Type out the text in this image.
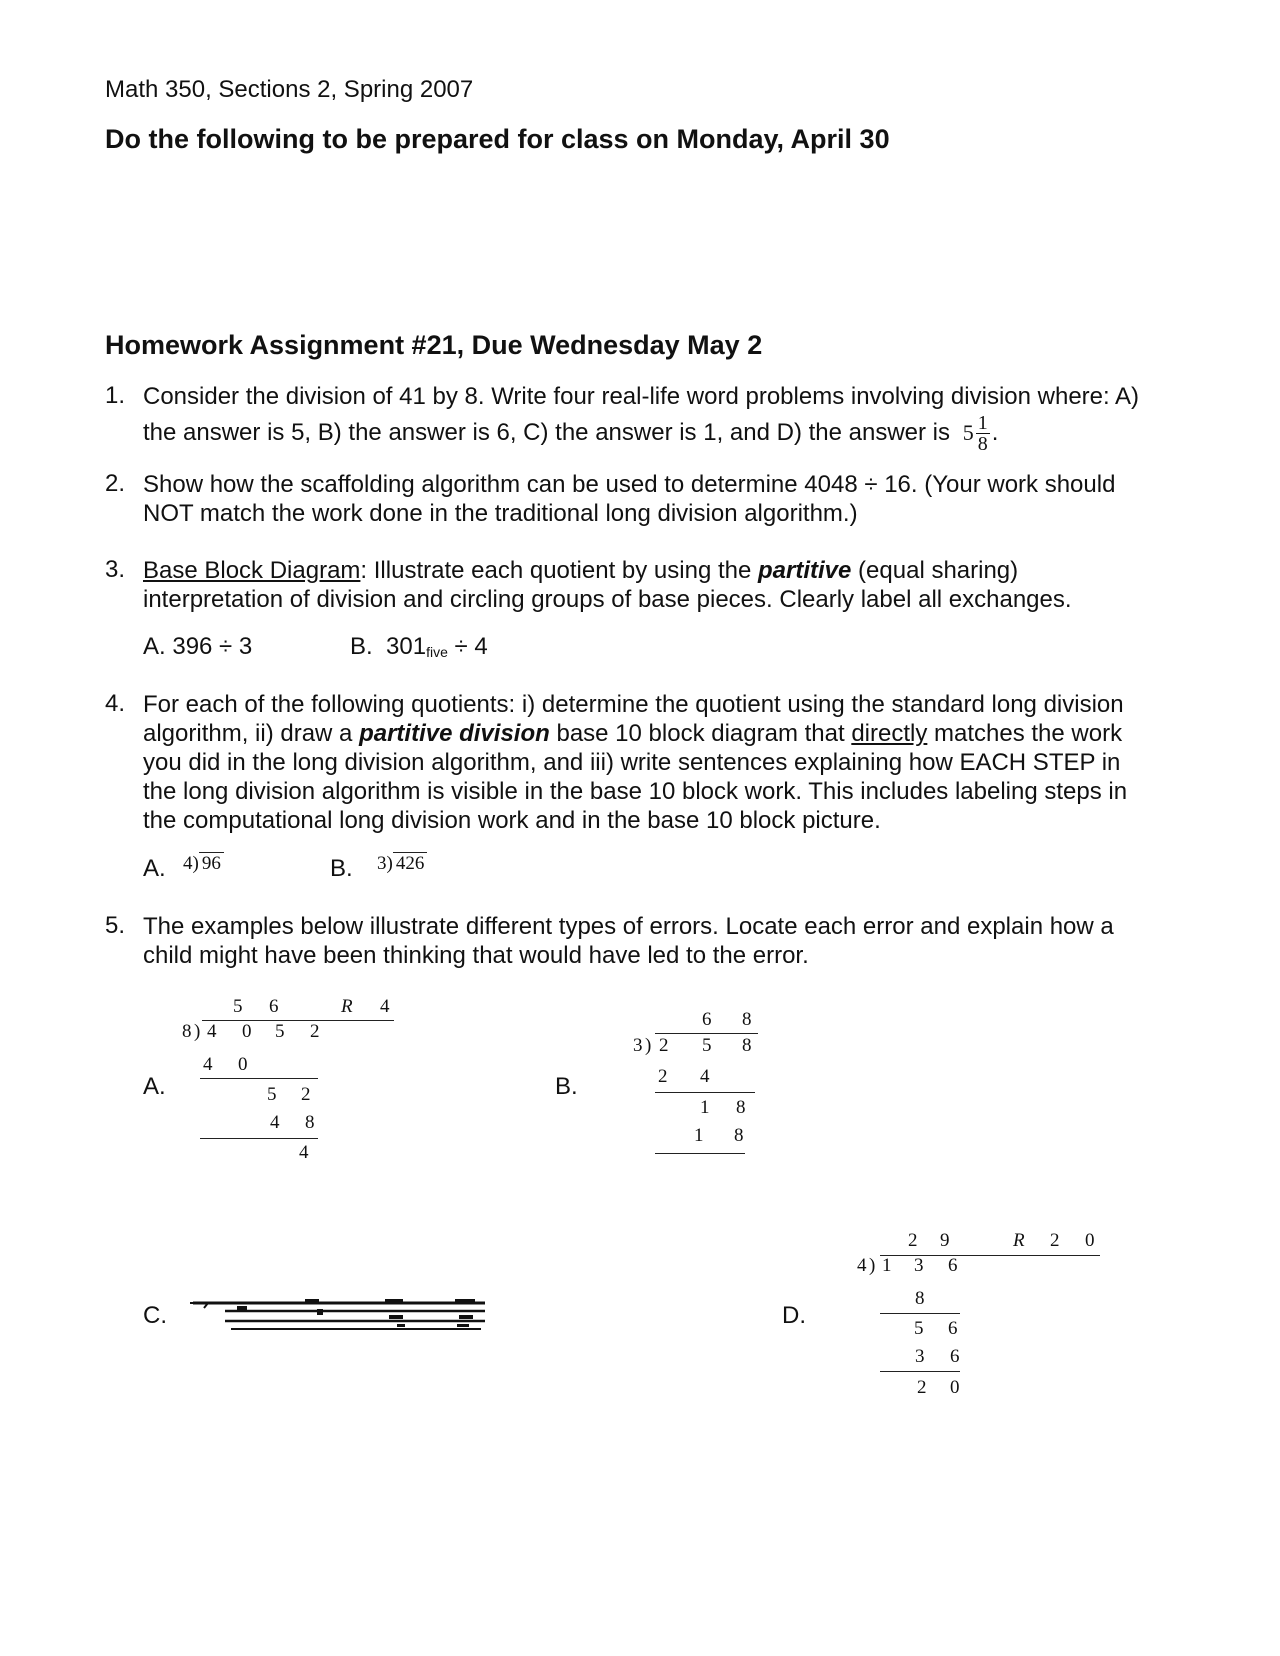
Math 350, Sections 2, Spring 2007
Do the following to be prepared for class on Monday, April 30
Homework Assignment #21, Due Wednesday May 2
1. Consider the division of 41 by 8. Write four real-life word problems involving division where: A)
the answer is 5, B) the answer is 6, C) the answer is 1, and D) the answer is $5 \frac{1}{8}$ .
2. Show how the scaffolding algorithm can be used to determine 4048 ÷ 16. (Your work should
NOT match the work done in the traditional long division algorithm.)
3. Base Block Diagram: Illustrate each quotient by using the partitive (equal sharing)
interpretation of division and circling groups of base pieces. Clearly label all exchanges.
A. 396 ÷ 3	B. $301_{five} \div 4$
4. For each of the following quotients: i) determine the quotient using the standard long division
algorithm, ii) draw a partitive division base 10 block diagram that directly matches the work
you did in the long division algorithm, and iii) write sentences explaining how EACH STEP in
the long division algorithm is visible in the base 10 block work. This includes labeling steps in
the computational long division work and in the base 10 block picture.
A. 4) 96	B. 3) 426
5. The examples below illustrate different types of errors. Locate each error and explain how a
child might have been thinking that would have led to the error.
A.
5 6	R 4
8 ) 4 0 5 2
4 0
5 2
4 8
4
B.
6 8
3 ) 2 5 8
2 4
1 8
1 8
C.	D.
2 9	R 2 0
4 ) 1 3 6
8
5 6
3 6
2 0
